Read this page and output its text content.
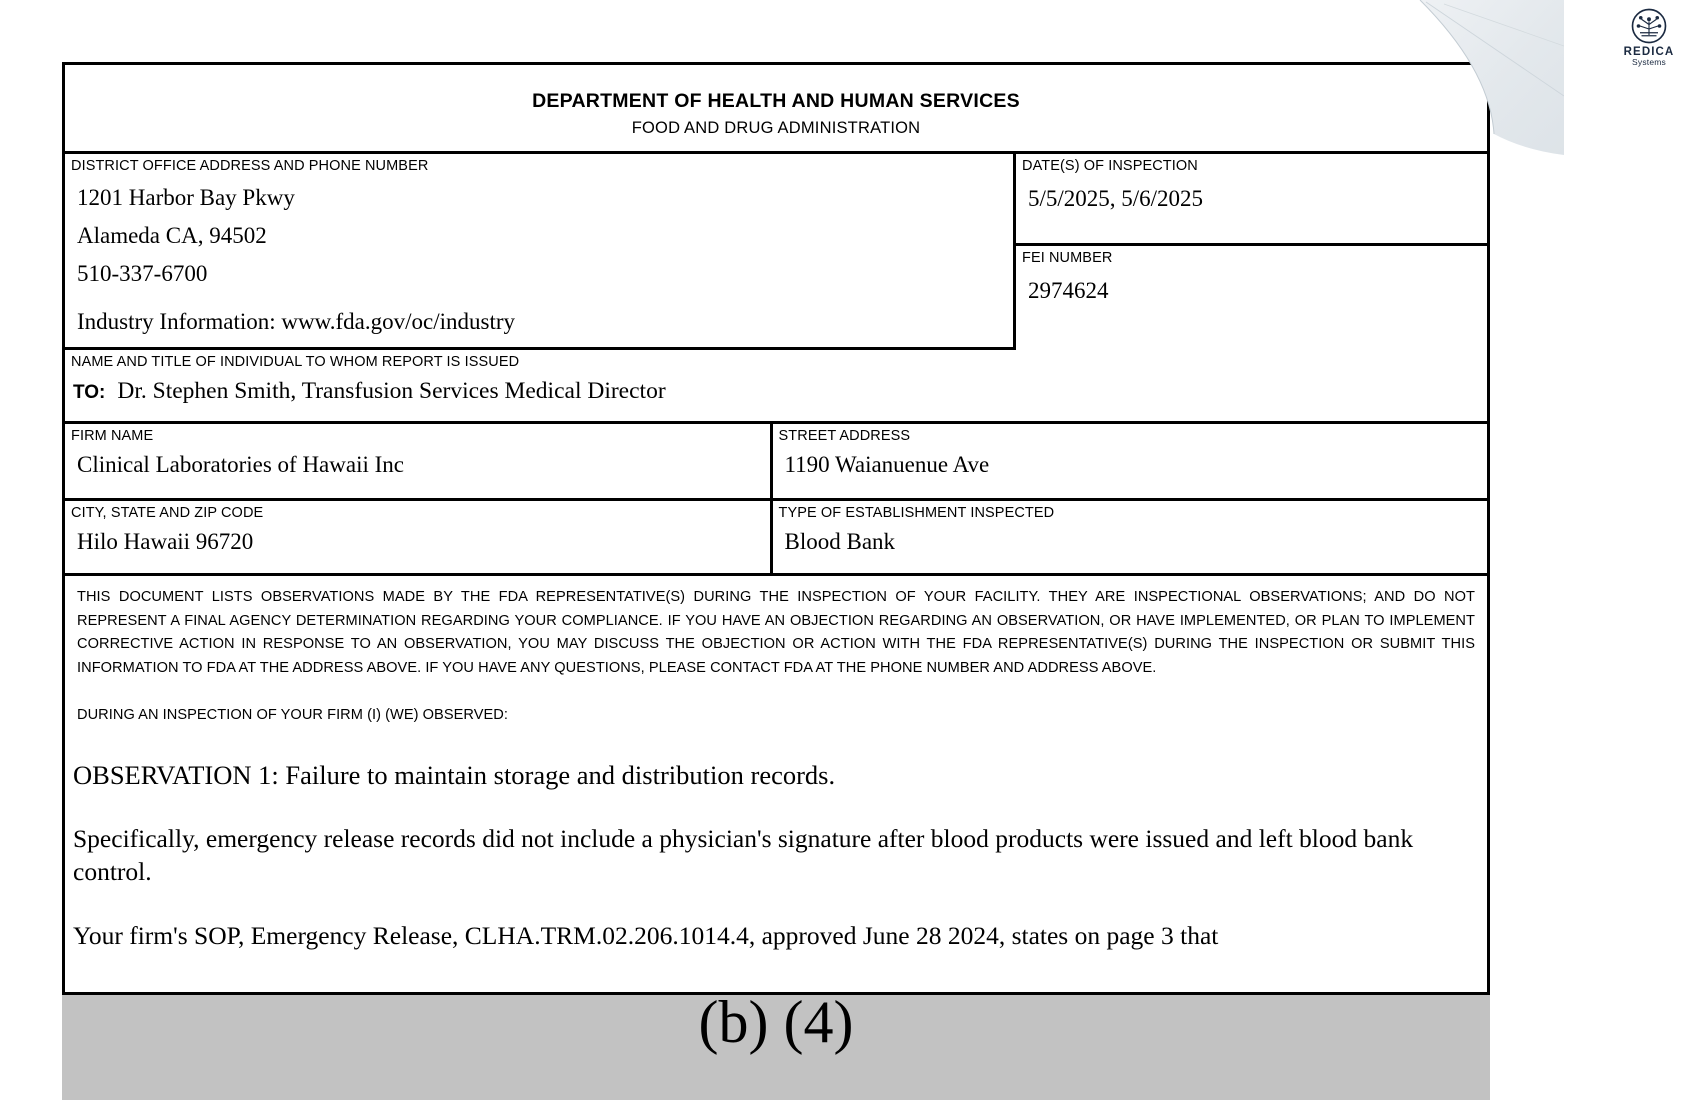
DEPARTMENT OF HEALTH AND HUMAN SERVICES
FOOD AND DRUG ADMINISTRATION
DISTRICT OFFICE ADDRESS AND PHONE NUMBER
1201 Harbor Bay Pkwy
Alameda CA, 94502
510-337-6700
Industry Information: www.fda.gov/oc/industry
DATE(S) OF INSPECTION
5/5/2025, 5/6/2025
FEI NUMBER
2974624
NAME AND TITLE OF INDIVIDUAL TO WHOM REPORT IS ISSUED
TO: Dr. Stephen Smith, Transfusion Services Medical Director
FIRM NAME
Clinical Laboratories of Hawaii Inc
STREET ADDRESS
1190 Waianuenue Ave
CITY, STATE AND ZIP CODE
Hilo Hawaii 96720
TYPE OF ESTABLISHMENT INSPECTED
Blood Bank
THIS DOCUMENT LISTS OBSERVATIONS MADE BY THE FDA REPRESENTATIVE(S) DURING THE INSPECTION OF YOUR FACILITY. THEY ARE INSPECTIONAL OBSERVATIONS; AND DO NOT REPRESENT A FINAL AGENCY DETERMINATION REGARDING YOUR COMPLIANCE. IF YOU HAVE AN OBJECTION REGARDING AN OBSERVATION, OR HAVE IMPLEMENTED, OR PLAN TO IMPLEMENT CORRECTIVE ACTION IN RESPONSE TO AN OBSERVATION, YOU MAY DISCUSS THE OBJECTION OR ACTION WITH THE FDA REPRESENTATIVE(S) DURING THE INSPECTION OR SUBMIT THIS INFORMATION TO FDA AT THE ADDRESS ABOVE. IF YOU HAVE ANY QUESTIONS, PLEASE CONTACT FDA AT THE PHONE NUMBER AND ADDRESS ABOVE.
DURING AN INSPECTION OF YOUR FIRM (I) (WE) OBSERVED:
OBSERVATION 1: Failure to maintain storage and distribution records.
Specifically, emergency release records did not include a physician's signature after blood products were issued and left blood bank control.
Your firm's SOP, Emergency Release, CLHA.TRM.02.206.1014.4, approved June 28 2024, states on page 3 that
(b) (4)
REDICA
Systems
